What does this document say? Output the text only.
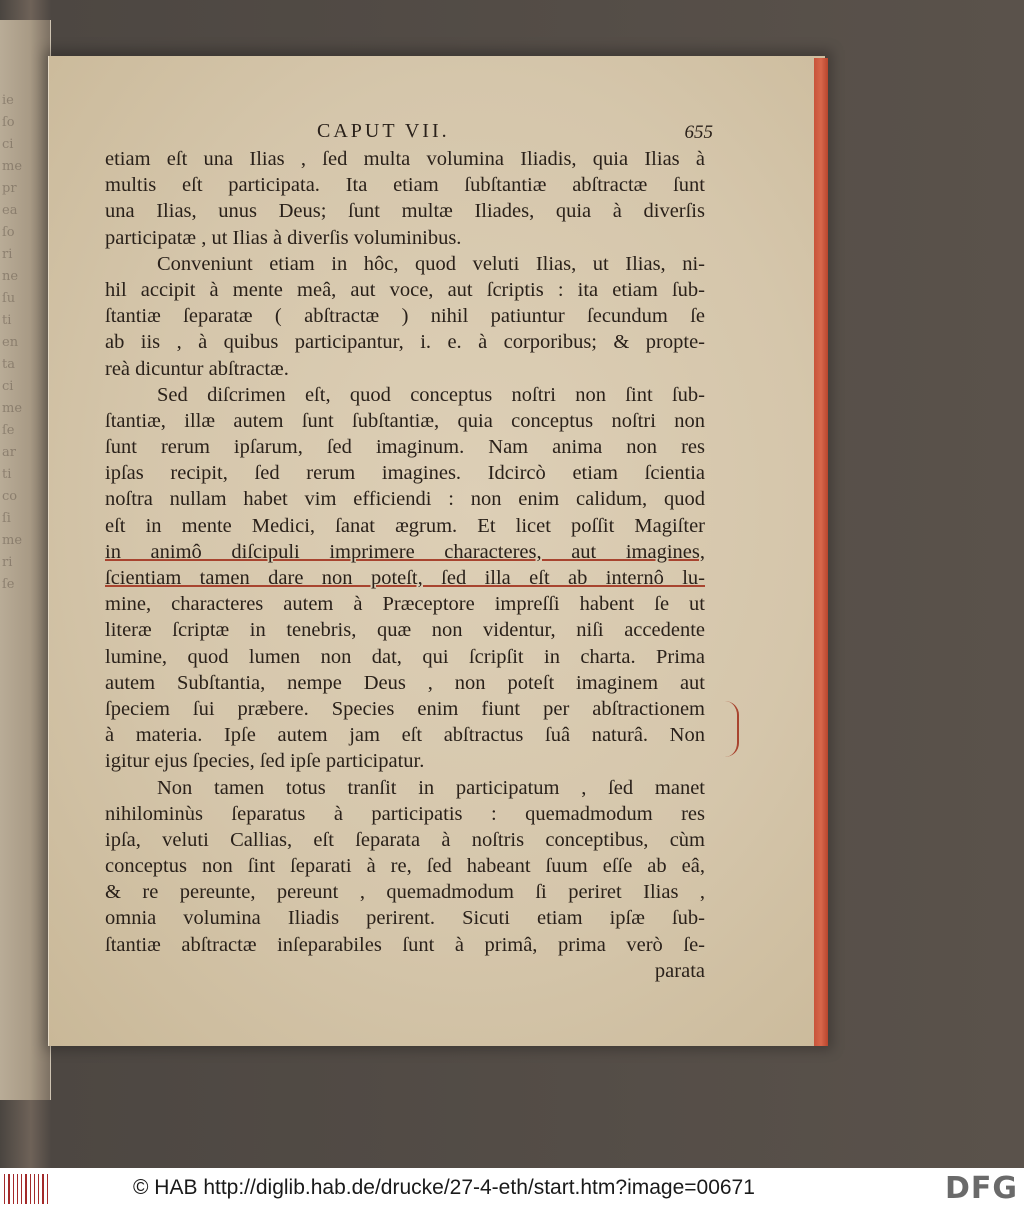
ie
ſo
ci
me
pr
ea
ſo
ri
ne
ſu
ti
en
ta
ci
me
ſe
ar
ti
co
ſi
me
ri
ſe
CAPUT VII.	655
etiam eſt una Ilias , ſed multa volumina Iliadis, quia Ilias à
multis eſt participata. Ita etiam ſubſtantiæ abſtractæ ſunt
una Ilias, unus Deus; ſunt multæ Iliades, quia à diverſis
participatæ , ut Ilias à diverſis voluminibus.
Conveniunt etiam in hôc, quod veluti Ilias, ut Ilias, ni-
hil accipit à mente meâ, aut voce, aut ſcriptis : ita etiam ſub-
ſtantiæ ſeparatæ ( abſtractæ ) nihil patiuntur ſecundum ſe
ab iis , à quibus participantur, i. e. à corporibus; & propte-
reà dicuntur abſtractæ.
Sed diſcrimen eſt, quod conceptus noſtri non ſint ſub-
ſtantiæ, illæ autem ſunt ſubſtantiæ, quia conceptus noſtri non
ſunt rerum ipſarum, ſed imaginum. Nam anima non res
ipſas recipit, ſed rerum imagines. Idcircò etiam ſcientia
noſtra nullam habet vim efficiendi : non enim calidum, quod
eſt in mente Medici, ſanat ægrum. Et licet poſſit Magiſter
in animô diſcipuli imprimere characteres, aut imagines,
ſcientiam tamen dare non poteſt, ſed illa eſt ab internô lu-
mine, characteres autem à Præceptore impreſſi habent ſe ut
literæ ſcriptæ in tenebris, quæ non videntur, niſi accedente
lumine, quod lumen non dat, qui ſcripſit in charta. Prima
autem Subſtantia, nempe Deus , non poteſt imaginem aut
ſpeciem ſui præbere. Species enim fiunt per abſtractionem
à materia. Ipſe autem jam eſt abſtractus ſuâ naturâ. Non
igitur ejus ſpecies, ſed ipſe participatur.
Non tamen totus tranſit in participatum , ſed manet
nihilominùs ſeparatus à participatis : quemadmodum res
ipſa, veluti Callias, eſt ſeparata à noſtris conceptibus, cùm
conceptus non ſint ſeparati à re, ſed habeant ſuum eſſe ab eâ,
& re pereunte, pereunt , quemadmodum ſi periret Ilias ,
omnia volumina Iliadis perirent. Sicuti etiam ipſæ ſub-
ſtantiæ abſtractæ inſeparabiles ſunt à primâ, prima verò ſe-
parata
© HAB http://diglib.hab.de/drucke/27-4-eth/start.htm?image=00671	DFG
